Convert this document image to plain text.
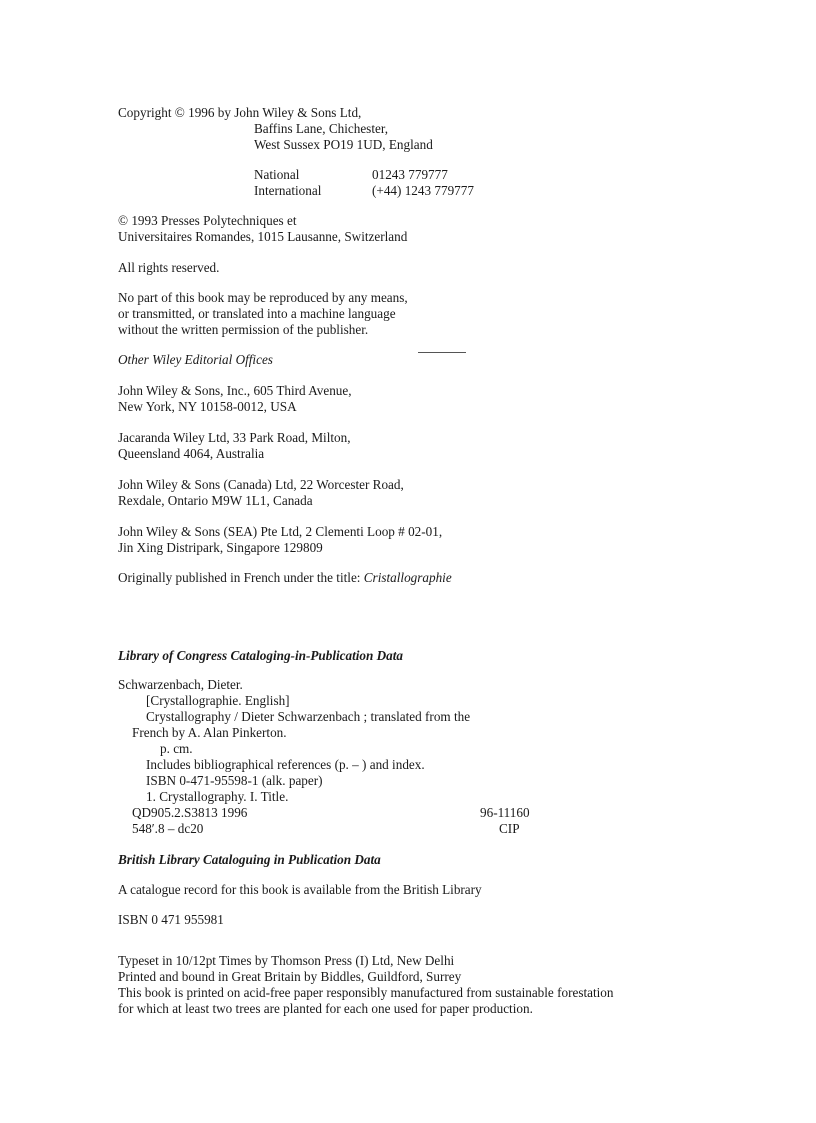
Copyright © 1996 by John Wiley & Sons Ltd,
Baffins Lane, Chichester,
West Sussex PO19 1UD, England
National	01243 779777
International	(+44) 1243 779777
© 1993 Presses Polytechniques et
Universitaires Romandes, 1015 Lausanne, Switzerland
All rights reserved.
No part of this book may be reproduced by any means,
or transmitted, or translated into a machine language
without the written permission of the publisher.
Other Wiley Editorial Offices
John Wiley & Sons, Inc., 605 Third Avenue,
New York, NY 10158-0012, USA
Jacaranda Wiley Ltd, 33 Park Road, Milton,
Queensland 4064, Australia
John Wiley & Sons (Canada) Ltd, 22 Worcester Road,
Rexdale, Ontario M9W 1L1, Canada
John Wiley & Sons (SEA) Pte Ltd, 2 Clementi Loop # 02-01,
Jin Xing Distripark, Singapore 129809
Originally published in French under the title: Cristallographie
Library of Congress Cataloging-in-Publication Data
Schwarzenbach, Dieter.
[Crystallographie. English]
Crystallography / Dieter Schwarzenbach ; translated from the
French by A. Alan Pinkerton.
p. cm.
Includes bibliographical references (p. – ) and index.
ISBN 0-471-95598-1 (alk. paper)
1. Crystallography. I. Title.
QD905.2.S3813 1996	96-11160
548′.8 – dc20	CIP
British Library Cataloguing in Publication Data
A catalogue record for this book is available from the British Library
ISBN 0 471 955981
Typeset in 10/12pt Times by Thomson Press (I) Ltd, New Delhi
Printed and bound in Great Britain by Biddles, Guildford, Surrey
This book is printed on acid-free paper responsibly manufactured from sustainable forestation
for which at least two trees are planted for each one used for paper production.
